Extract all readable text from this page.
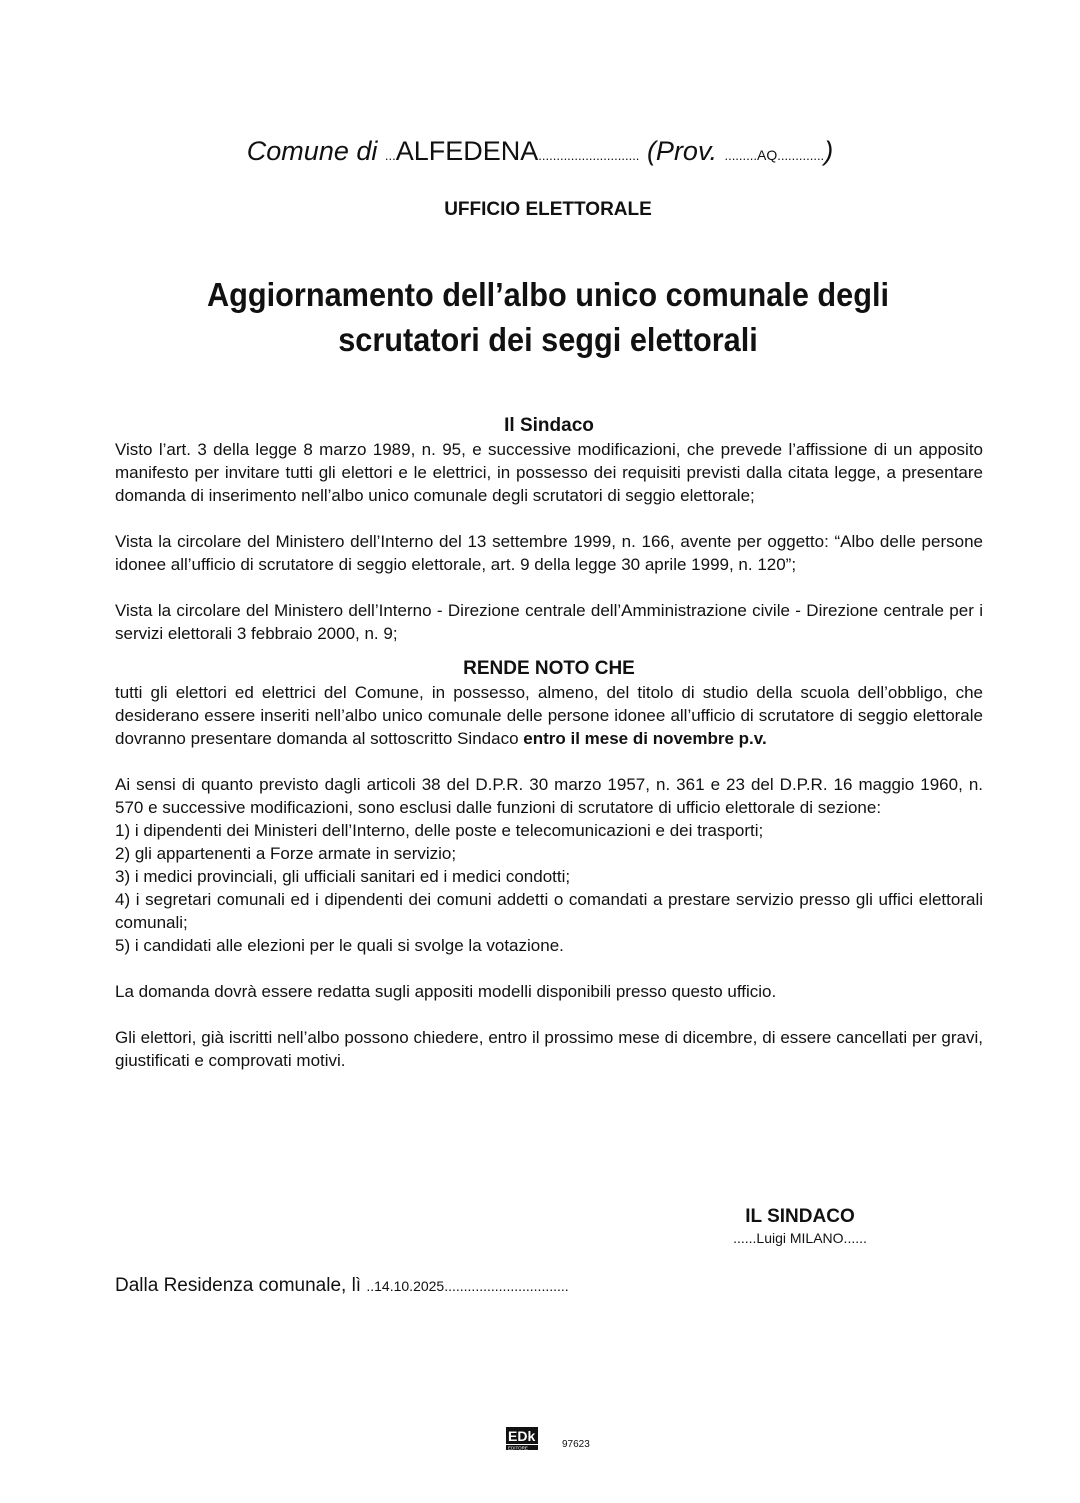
Comune di ...ALFEDENA............................ (Prov. .........AQ.............)
UFFICIO ELETTORALE
Aggiornamento dell’albo unico comunale degli
scrutatori dei seggi elettorali
Il Sindaco

Visto l’art. 3 della legge 8 marzo 1989, n. 95, e successive modificazioni, che prevede l’affissione di un apposito manifesto per invitare tutti gli elettori e le elettrici, in possesso dei requisiti previsti dalla citata legge, a presentare domanda di inserimento nell’albo unico comunale degli scrutatori di seggio elettorale;

Vista la circolare del Ministero dell’Interno del 13 settembre 1999, n. 166, avente per oggetto: “Albo delle persone idonee all’ufficio di scrutatore di seggio elettorale, art. 9 della legge 30 aprile 1999, n. 120”;

Vista la circolare del Ministero dell’Interno - Direzione centrale dell’Amministrazione civile - Direzione centrale per i servizi elettorali 3 febbraio 2000, n. 9;

RENDE NOTO CHE

tutti gli elettori ed elettrici del Comune, in possesso, almeno, del titolo di studio della scuola dell’obbligo, che desiderano essere inseriti nell’albo unico comunale delle persone idonee all’ufficio di scrutatore di seggio elettorale dovranno presentare domanda al sottoscritto Sindaco entro il mese di novembre p.v.

Ai sensi di quanto previsto dagli articoli 38 del D.P.R. 30 marzo 1957, n. 361 e 23 del D.P.R. 16 maggio 1960, n. 570 e successive modificazioni, sono esclusi dalle funzioni di scrutatore di ufficio elettorale di sezione:
1) i dipendenti dei Ministeri dell’Interno, delle poste e telecomunicazioni e dei trasporti;
2) gli appartenenti a Forze armate in servizio;
3) i medici provinciali, gli ufficiali sanitari ed i medici condotti;
4) i segretari comunali ed i dipendenti dei comuni addetti o comandati a prestare servizio presso gli uffici elettorali comunali;
5) i candidati alle elezioni per le quali si svolge la votazione.

La domanda dovrà essere redatta sugli appositi modelli disponibili presso questo ufficio.

Gli elettori, già iscritti nell’albo possono chiedere, entro il prossimo mese di dicembre, di essere cancellati per gravi, giustificati e comprovati motivi.

IL SINDACO
......Luigi MILANO......
Dalla Residenza comunale, lì ..14.10.2025................................
EDk
EDITORE	97623
